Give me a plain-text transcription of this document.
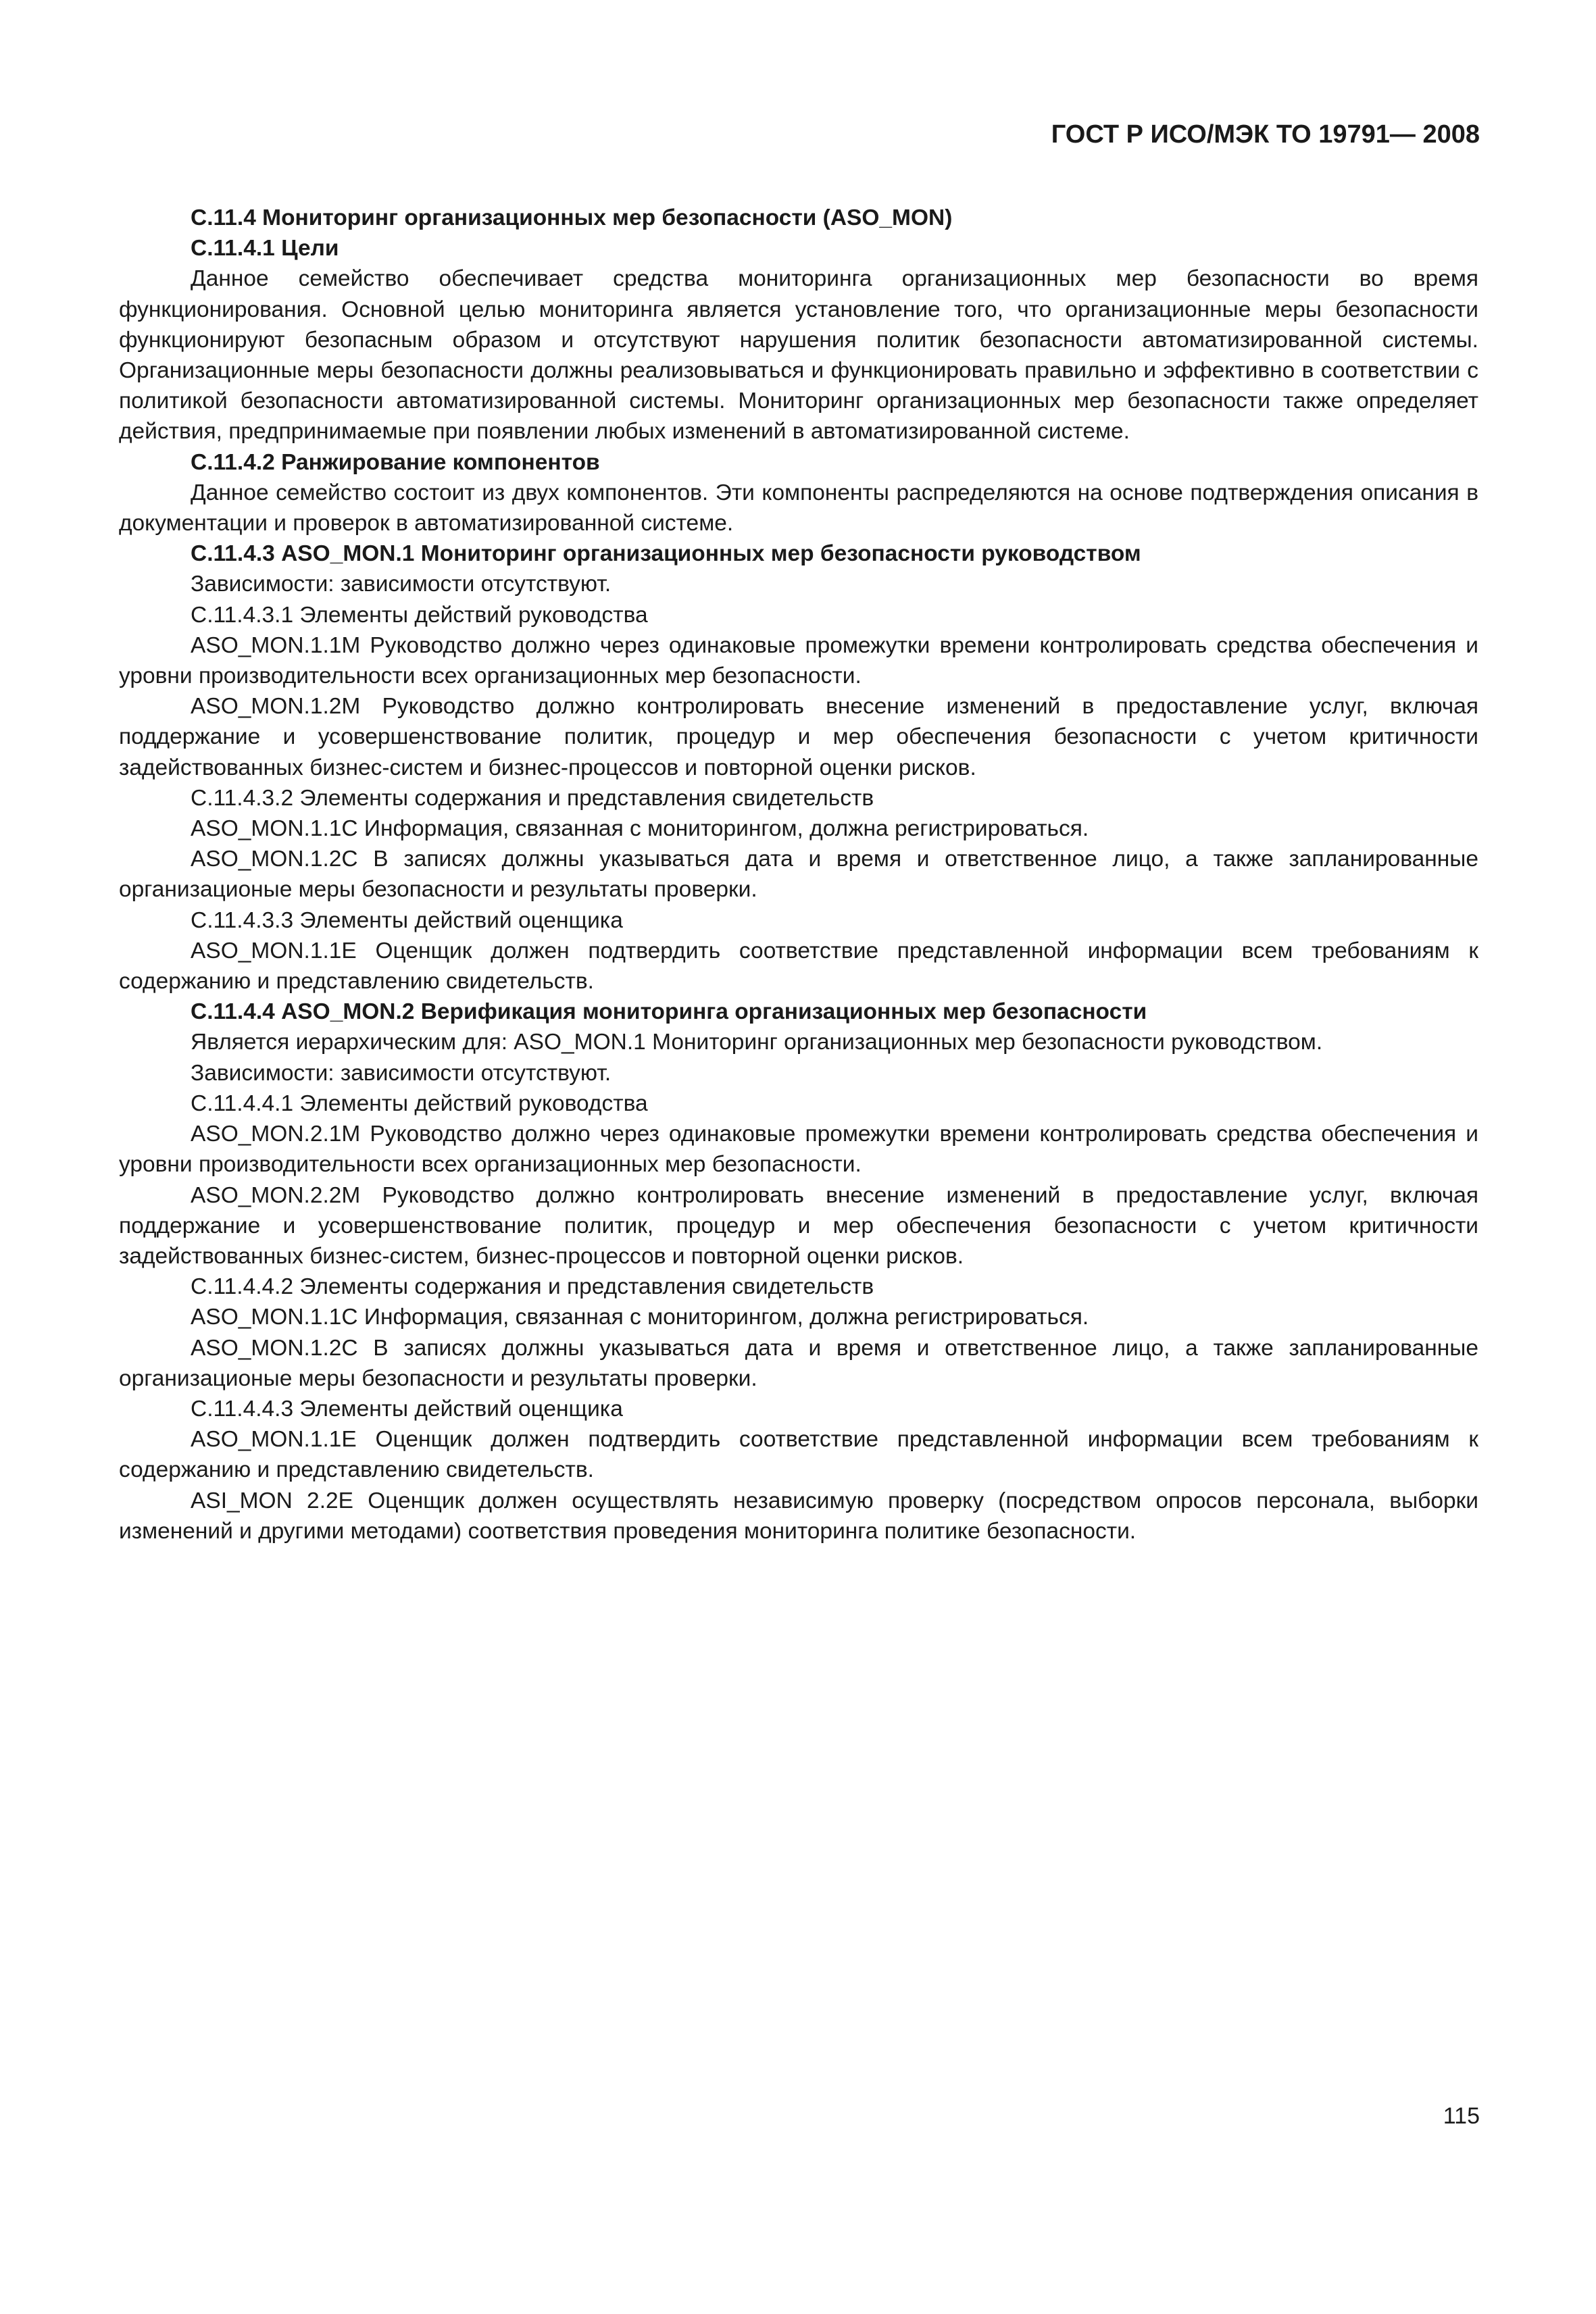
ГОСТ Р ИСО/МЭК ТО 19791— 2008

С.11.4 Мониторинг организационных мер безопасности (ASO_MON)

С.11.4.1 Цели

Данное семейство обеспечивает средства мониторинга организационных мер безопасности во время функционирования. Основной целью мониторинга является установление того, что организационные меры безопасности функционируют безопасным образом и отсутствуют нарушения политик безопасности автоматизированной системы. Организационные меры безопасности должны реализовываться и функционировать правильно и эффективно в соответствии с политикой безопасности автоматизированной системы. Мониторинг организационных мер безопасности также определяет действия, предпринимаемые при появлении любых изменений в автоматизированной системе.

С.11.4.2 Ранжирование компонентов

Данное семейство состоит из двух компонентов. Эти компоненты распределяются на основе подтверждения описания в документации и проверок в автоматизированной системе.

С.11.4.3 ASO_MON.1 Мониторинг организационных мер безопасности руководством

Зависимости: зависимости отсутствуют.

С.11.4.3.1 Элементы действий руководства

ASO_MON.1.1M Руководство должно через одинаковые промежутки времени контролировать средства обеспечения и уровни производительности всех организационных мер безопасности.

ASO_MON.1.2M Руководство должно контролировать внесение изменений в предоставление услуг, включая поддержание и усовершенствование политик, процедур и мер обеспечения безопасности с учетом критичности задействованных бизнес-систем и бизнес-процессов и повторной оценки рисков.

С.11.4.3.2 Элементы содержания и представления свидетельств

ASO_MON.1.1C Информация, связанная с мониторингом, должна регистрироваться.

ASO_MON.1.2C В записях должны указываться дата и время и ответственное лицо, а также запланированные организационые меры безопасности и результаты проверки.

С.11.4.3.3 Элементы действий оценщика

ASO_MON.1.1E Оценщик должен подтвердить соответствие представленной информации всем требованиям к содержанию и представлению свидетельств.

С.11.4.4 ASO_MON.2 Верификация мониторинга организационных мер безопасности

Является иерархическим для: ASO_MON.1 Мониторинг организационных мер безопасности руководством.

Зависимости: зависимости отсутствуют.

С.11.4.4.1 Элементы действий руководства

ASO_MON.2.1M Руководство должно через одинаковые промежутки времени контролировать средства обеспечения и уровни производительности всех организационных мер безопасности.

ASO_MON.2.2M Руководство должно контролировать внесение изменений в предоставление услуг, включая поддержание и усовершенствование политик, процедур и мер обеспечения безопасности с учетом критичности задействованных бизнес-систем, бизнес-процессов и повторной оценки рисков.

С.11.4.4.2 Элементы содержания и представления свидетельств

ASO_MON.1.1C Информация, связанная с мониторингом, должна регистрироваться.

ASO_MON.1.2C В записях должны указываться дата и время и ответственное лицо, а также запланированные организационые меры безопасности и результаты проверки.

С.11.4.4.3 Элементы действий оценщика

ASO_MON.1.1E Оценщик должен подтвердить соответствие представленной информации всем требованиям к содержанию и представлению свидетельств.

ASI_MON 2.2E Оценщик должен осуществлять независимую проверку (посредством опросов персонала, выборки изменений и другими методами) соответствия проведения мониторинга политике безопасности.

115
